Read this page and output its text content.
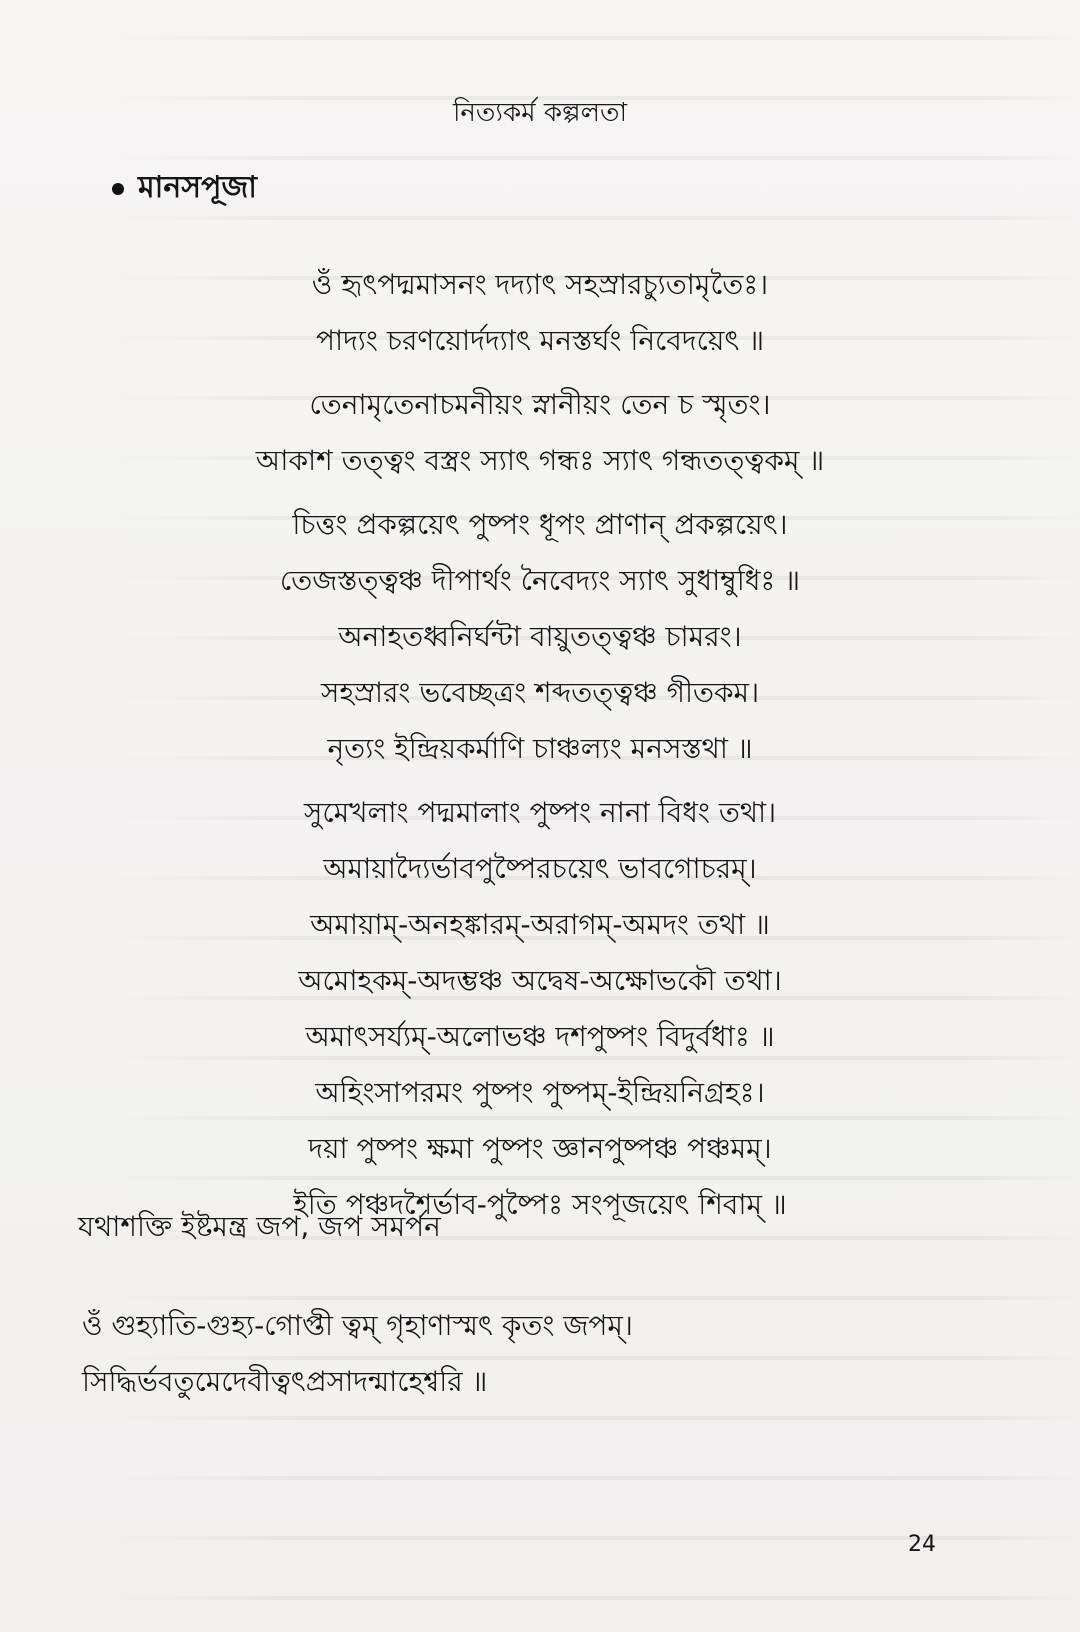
নিত্যকর্ম কল্পলতা
মানসপূজা
ওঁ হৃৎপদ্মমাসনং দদ্যাৎ সহস্রারচ্যুতামৃতৈঃ।
পাদ্যং চরণয়োর্দদ্যাৎ মনস্তর্ঘং নিবেদয়েৎ ॥
তেনামৃতেনাচমনীয়ং স্নানীয়ং তেন চ স্মৃতং।
আকাশ তত্ত্বং বস্ত্রং স্যাৎ গন্ধঃ স্যাৎ গন্ধতত্ত্বকম্ ॥
চিত্তং প্রকল্পয়েৎ পুষ্পং ধূপং প্রাণান্ প্রকল্পয়েৎ।
তেজস্তত্ত্বঞ্চ দীপার্থং নৈবেদ্যং স্যাৎ সুধাম্বুধিঃ ॥
অনাহতধ্বনির্ঘন্টা বায়ুতত্ত্বঞ্চ চামরং।
সহস্রারং ভবেচ্ছত্রং শব্দতত্ত্বঞ্চ গীতকম।
নৃত্যং ইন্দ্রিয়কর্মাণি চাঞ্চল্যং মনসস্তথা ॥
সুমেখলাং পদ্মমালাং পুষ্পং নানা বিধং তথা।
অমায়াদ্যৈর্ভাবপুষ্পৈরচয়েৎ ভাবগোচরম্।
অমায়াম্-অনহঙ্কারম্-অরাগম্-অমদং তথা ॥
অমোহকম্-অদম্ভঞ্চ অদ্বেষ-অক্ষোভকৌ তথা।
অমাৎসর্য্যম্-অলোভঞ্চ দশপুষ্পং বিদুর্বধাঃ ॥
অহিংসাপরমং পুষ্পং পুষ্পম্-ইন্দ্রিয়নিগ্রহঃ।
দয়া পুষ্পং ক্ষমা পুষ্পং জ্ঞানপুষ্পঞ্চ পঞ্চমম্।
ইতি পঞ্চদশৈর্ভাব-পুষ্পৈঃ সংপূজয়েৎ শিবাম্ ॥
যথাশক্তি ইষ্টমন্ত্র জপ, জপ সমর্পন
ওঁ গুহ্যাতি-গুহ্য-গোপ্তী ত্বম্ গৃহাণাস্মৎ কৃতং জপম্।
সিদ্ধির্ভবতুমেদেবীত্বৎপ্রসাদন্মাহেশ্বরি ॥
24
